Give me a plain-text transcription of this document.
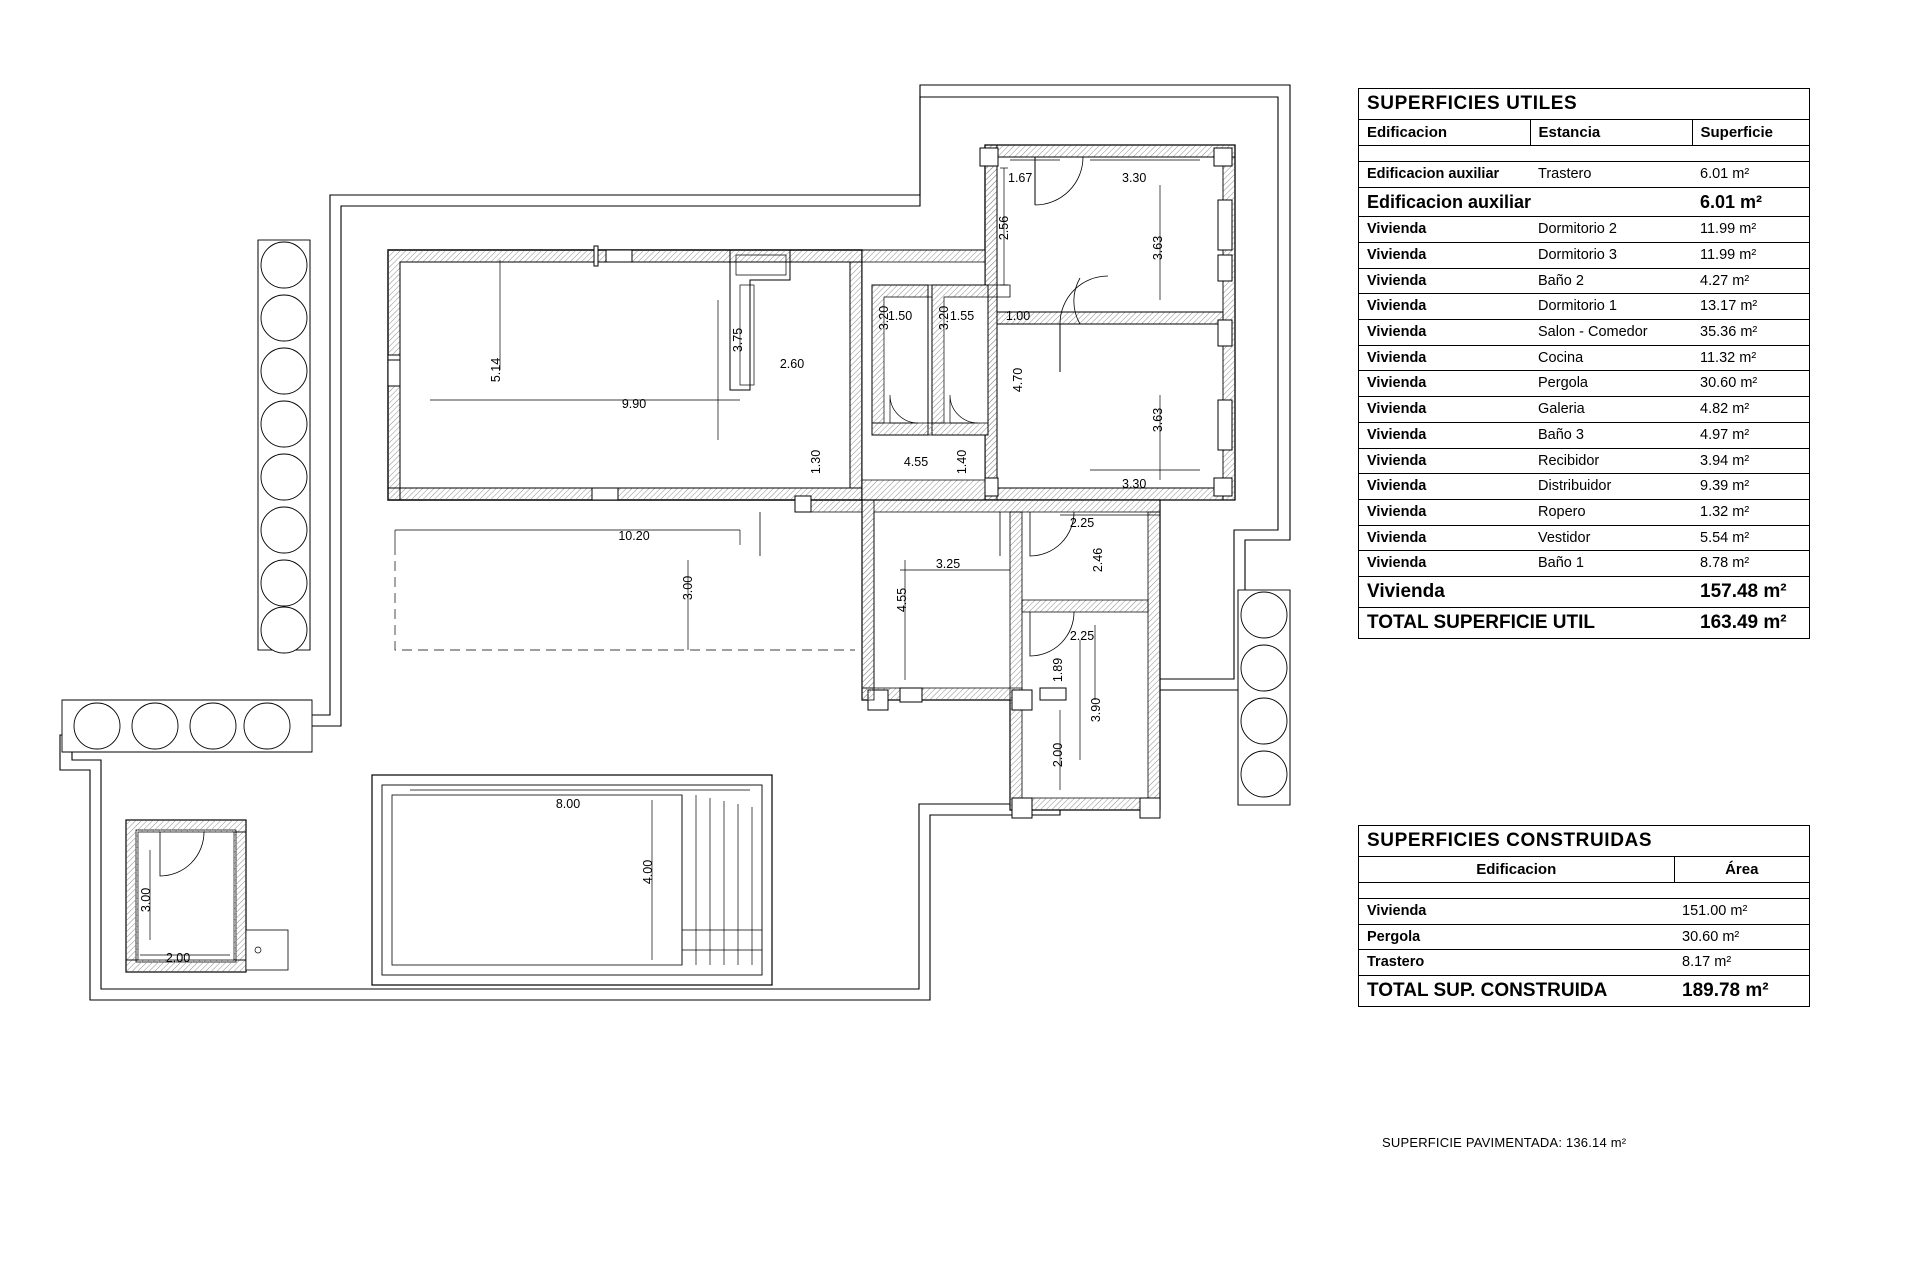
1.67	3.30
2.56
3.63
3.75
3.20	3.20
4.70
5.14
9.90
2.60
3.63
3.30
1.30	4.55 1.40
10.20
3.00
2.25
2.46
3.25
4.55
2.25
1.89
3.90
2.00
8.00
4.00
3.00
2.00
1.50	1.55	1.00
SUPERFICIES UTILES		
Edificacion	Estancia	Superficie

Edificacion auxiliar	Trastero	6.01 m²
Edificacion auxiliar		6.01 m²
Vivienda	Dormitorio 2	11.99 m²
Vivienda	Dormitorio 3	11.99 m²
Vivienda	Baño 2	4.27 m²
Vivienda	Dormitorio 1	13.17 m²
Vivienda	Salon - Comedor	35.36 m²
Vivienda	Cocina	11.32 m²
Vivienda	Pergola	30.60 m²
Vivienda	Galeria	4.82 m²
Vivienda	Baño 3	4.97 m²
Vivienda	Recibidor	3.94 m²
Vivienda	Distribuidor	9.39 m²
Vivienda	Ropero	1.32 m²
Vivienda	Vestidor	5.54 m²
Vivienda	Baño 1	8.78 m²
Vivienda		157.48 m²
TOTAL SUPERFICIE UTIL		163.49 m²
SUPERFICIES CONSTRUIDAS	
Edificacion	Área

Vivienda	151.00 m²
Pergola	30.60 m²
Trastero	8.17 m²
TOTAL SUP. CONSTRUIDA	189.78 m²
SUPERFICIE PAVIMENTADA: 136.14 m²
